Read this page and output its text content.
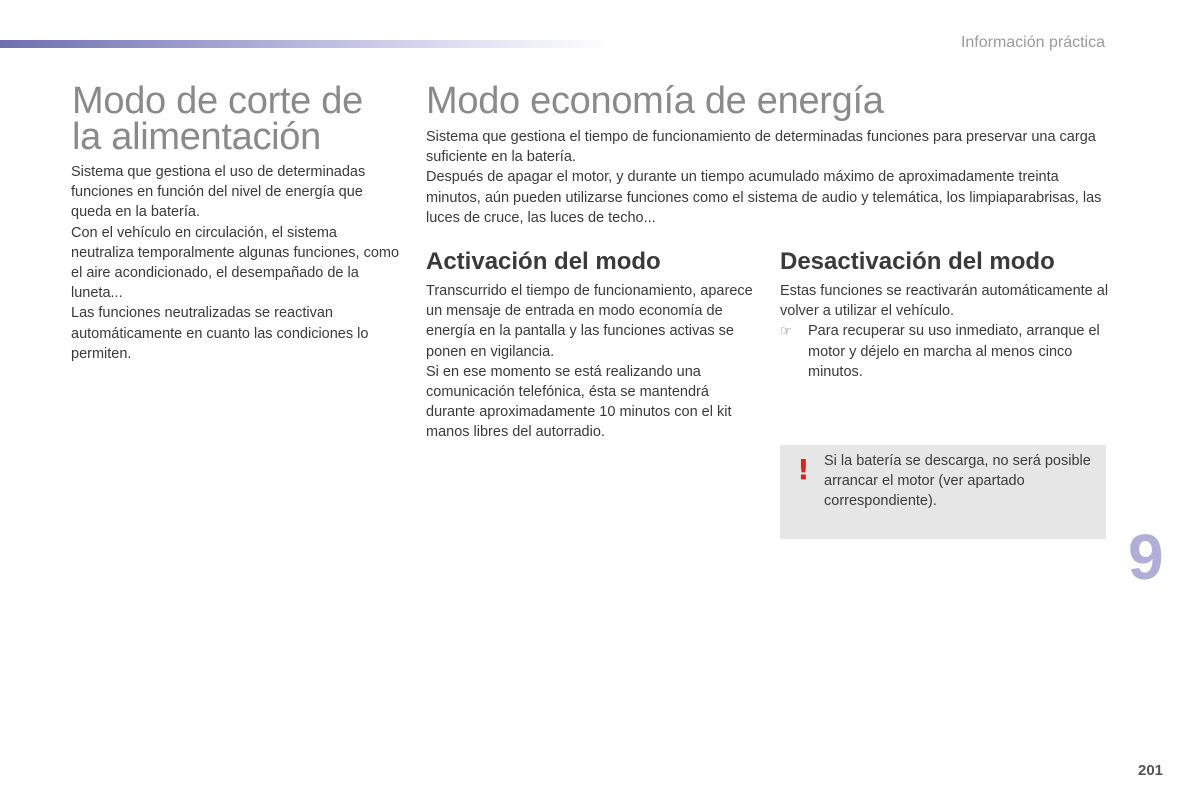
Información práctica
Modo de corte de la alimentación

Sistema que gestiona el uso de determinadas funciones en función del nivel de energía que queda en la batería.

Con el vehículo en circulación, el sistema neutraliza temporalmente algunas funciones, como el aire acondicionado, el desempañado de la luneta...

Las funciones neutralizadas se reactivan automáticamente en cuanto las condiciones lo permiten.

Modo economía de energía

Sistema que gestiona el tiempo de funcionamiento de determinadas funciones para preservar una carga suficiente en la batería.

Después de apagar el motor, y durante un tiempo acumulado máximo de aproximadamente treinta minutos, aún pueden utilizarse funciones como el sistema de audio y telemática, los limpiaparabrisas, las luces de cruce, las luces de techo...

Activación del modo

Transcurrido el tiempo de funcionamiento, aparece un mensaje de entrada en modo economía de energía en la pantalla y las funciones activas se ponen en vigilancia.

Si en ese momento se está realizando una comunicación telefónica, ésta se mantendrá durante aproximadamente 10 minutos con el kit manos libres del autorradio.

Desactivación del modo

Estas funciones se reactivarán automáticamente al volver a utilizar el vehículo.

☞ Para recuperar su uso inmediato, arranque el motor y déjelo en marcha al menos cinco minutos.
! Si la batería se descarga, no será posible arrancar el motor (ver apartado correspondiente).
9
201
